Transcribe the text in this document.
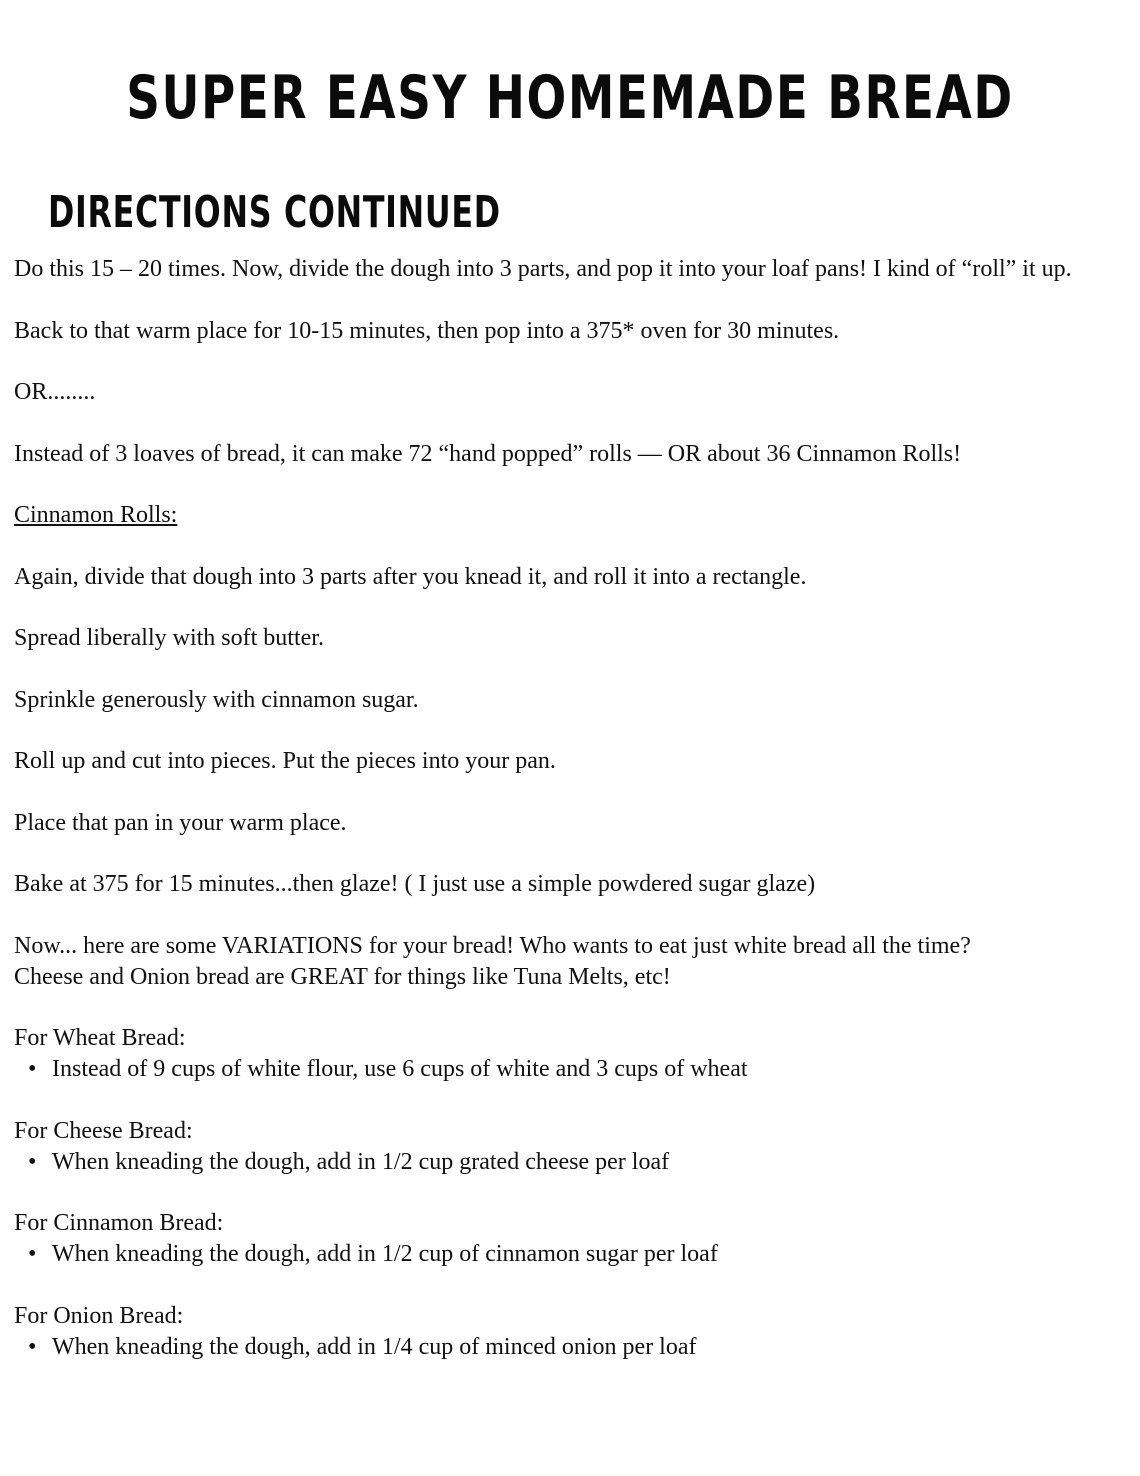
SUPER EASY HOMEMADE BREAD
DIRECTIONS CONTINUED

Do this 15 – 20 times. Now, divide the dough into 3 parts, and pop it into your loaf pans! I kind of “roll” it up.

Back to that warm place for 10-15 minutes, then pop into a 375* oven for 30 minutes.

OR........

Instead of 3 loaves of bread, it can make 72 “hand popped” rolls — OR about 36 Cinnamon Rolls!

Cinnamon Rolls:

Again, divide that dough into 3 parts after you knead it, and roll it into a rectangle.

Spread liberally with soft butter.

Sprinkle generously with cinnamon sugar.

Roll up and cut into pieces. Put the pieces into your pan.

Place that pan in your warm place.

Bake at 375 for 15 minutes...then glaze! ( I just use a simple powdered sugar glaze)

Now... here are some VARIATIONS for your bread! Who wants to eat just white bread all the time?

Cheese and Onion bread are GREAT for things like Tuna Melts, etc!

For Wheat Bread:

• Instead of 9 cups of white flour, use 6 cups of white and 3 cups of wheat

For Cheese Bread:

• When kneading the dough, add in 1/2 cup grated cheese per loaf

For Cinnamon Bread:

• When kneading the dough, add in 1/2 cup of cinnamon sugar per loaf

For Onion Bread:

• When kneading the dough, add in 1/4 cup of minced onion per loaf
